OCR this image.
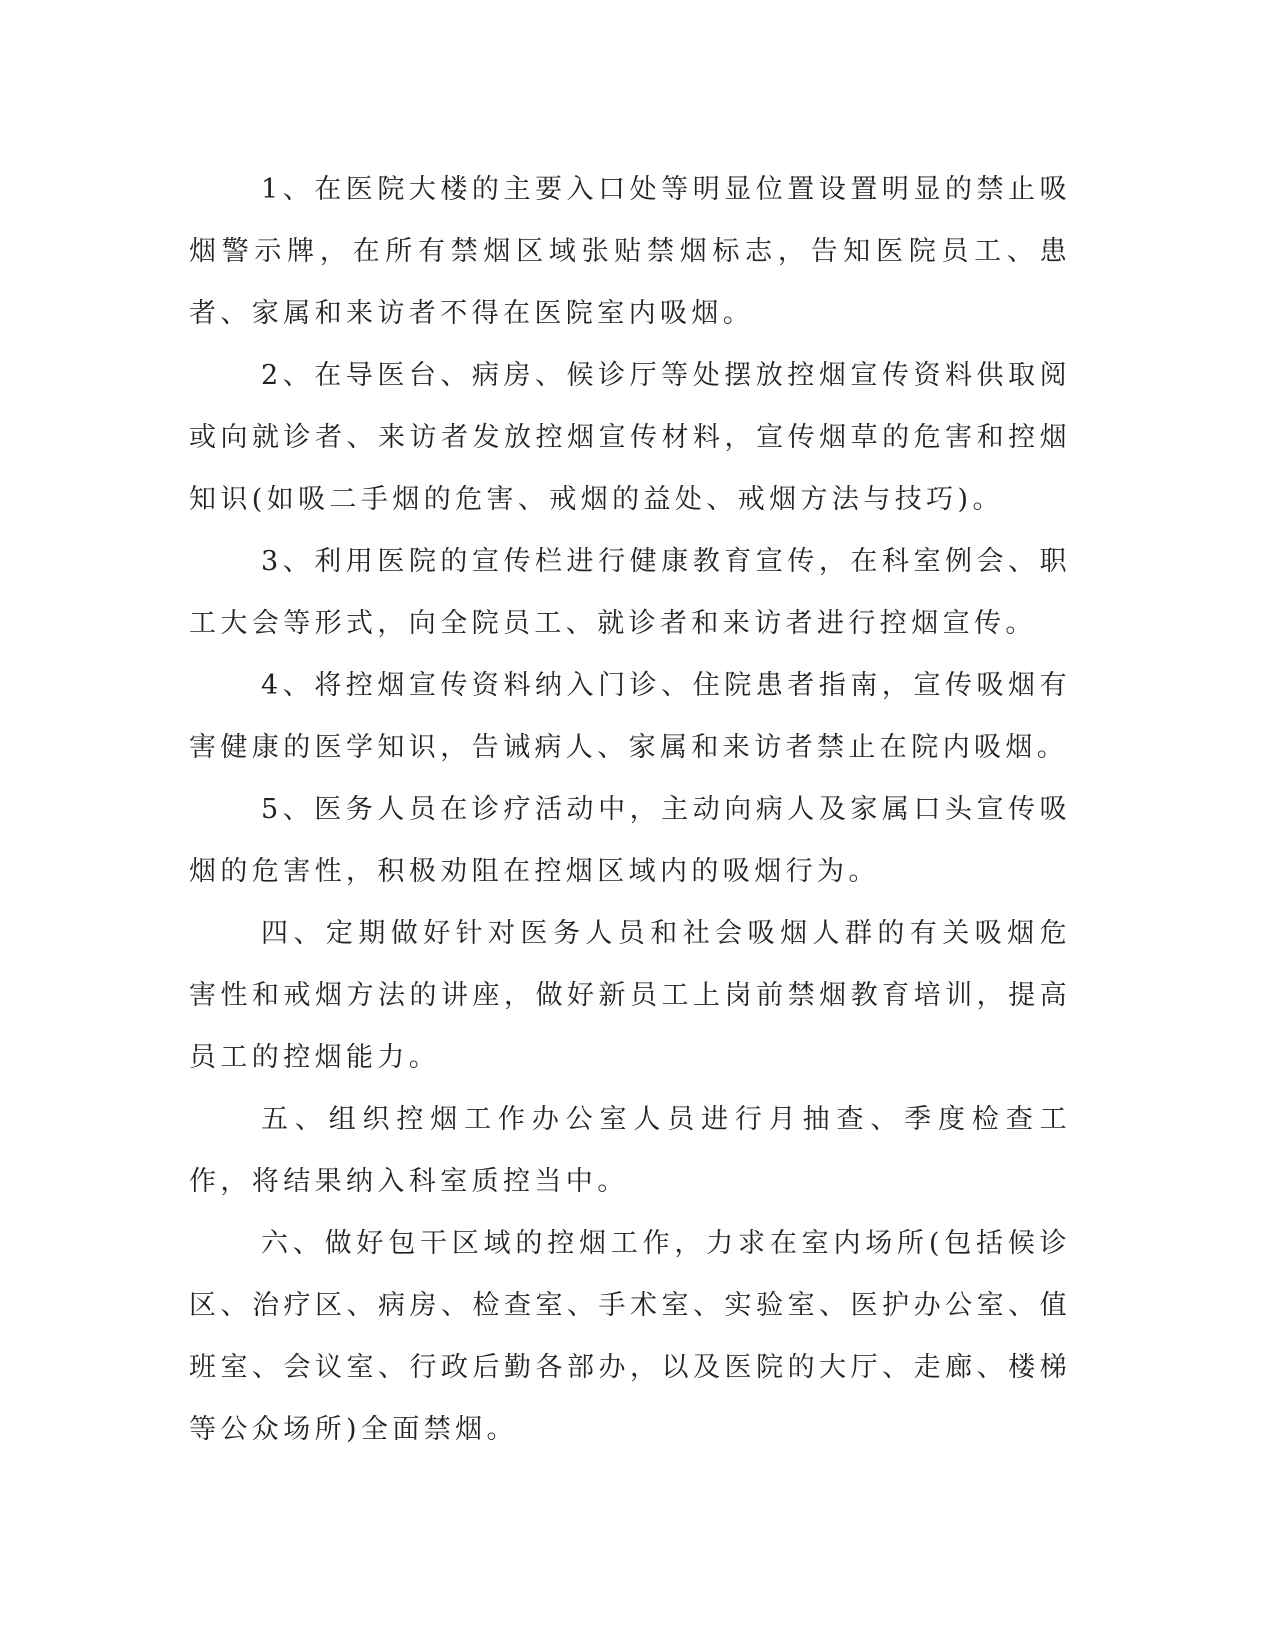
1、在医院大楼的主要入口处等明显位置设置明显的禁止吸烟警示牌，在所有禁烟区域张贴禁烟标志，告知医院员工、患者、家属和来访者不得在医院室内吸烟。

2、在导医台、病房、候诊厅等处摆放控烟宣传资料供取阅或向就诊者、来访者发放控烟宣传材料，宣传烟草的危害和控烟知识(如吸二手烟的危害、戒烟的益处、戒烟方法与技巧)。

3、利用医院的宣传栏进行健康教育宣传，在科室例会、职工大会等形式，向全院员工、就诊者和来访者进行控烟宣传。

4、将控烟宣传资料纳入门诊、住院患者指南，宣传吸烟有害健康的医学知识，告诫病人、家属和来访者禁止在院内吸烟。

5、医务人员在诊疗活动中，主动向病人及家属口头宣传吸烟的危害性，积极劝阻在控烟区域内的吸烟行为。

四、定期做好针对医务人员和社会吸烟人群的有关吸烟危害性和戒烟方法的讲座，做好新员工上岗前禁烟教育培训，提高员工的控烟能力。

五、组织控烟工作办公室人员进行月抽查、季度检查工作，将结果纳入科室质控当中。

六、做好包干区域的控烟工作，力求在室内场所(包括候诊区、治疗区、病房、检查室、手术室、实验室、医护办公室、值班室、会议室、行政后勤各部办，以及医院的大厅、走廊、楼梯等公众场所)全面禁烟。
